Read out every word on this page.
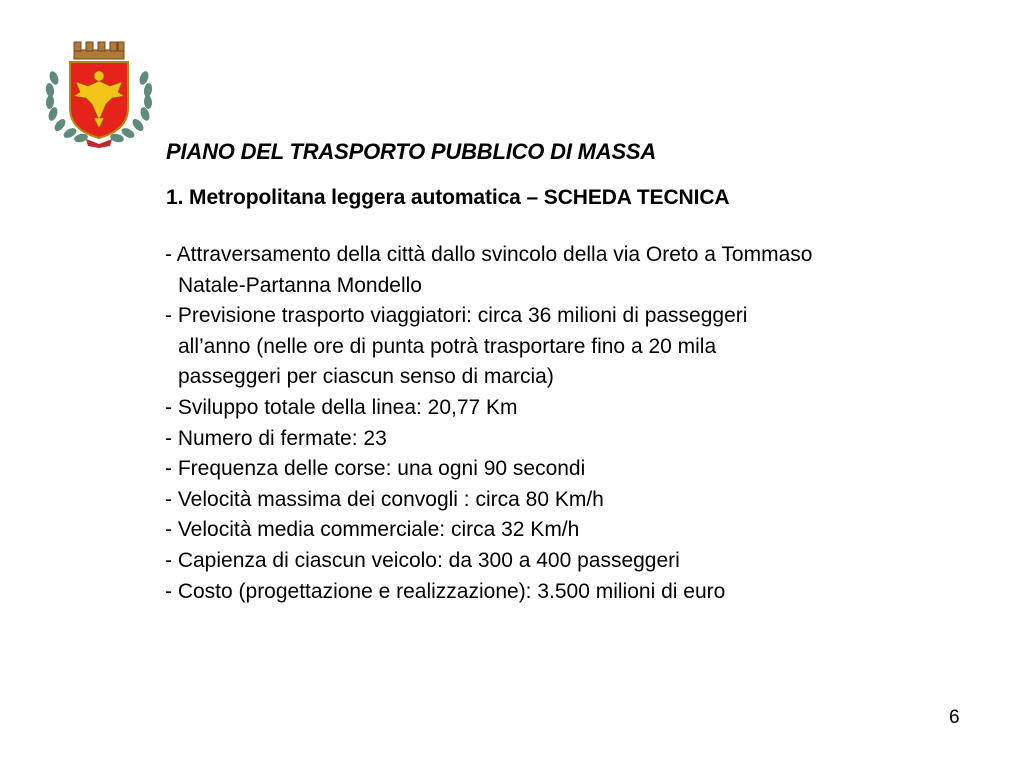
PIANO DEL TRASPORTO PUBBLICO DI MASSA
1. Metropolitana leggera automatica – SCHEDA TECNICA
- Attraversamento della città dallo svincolo della via Oreto a Tommaso
Natale-Partanna Mondello
- Previsione trasporto viaggiatori: circa 36 milioni di passeggeri
all’anno (nelle ore di punta potrà trasportare fino a 20 mila
passeggeri per ciascun senso di marcia)
- Sviluppo totale della linea: 20,77 Km
- Numero di fermate: 23
- Frequenza delle corse: una ogni 90 secondi
- Velocità massima dei convogli : circa 80 Km/h
- Velocità media commerciale: circa 32 Km/h
- Capienza di ciascun veicolo: da 300 a 400 passeggeri
- Costo (progettazione e realizzazione): 3.500 milioni di euro
6
